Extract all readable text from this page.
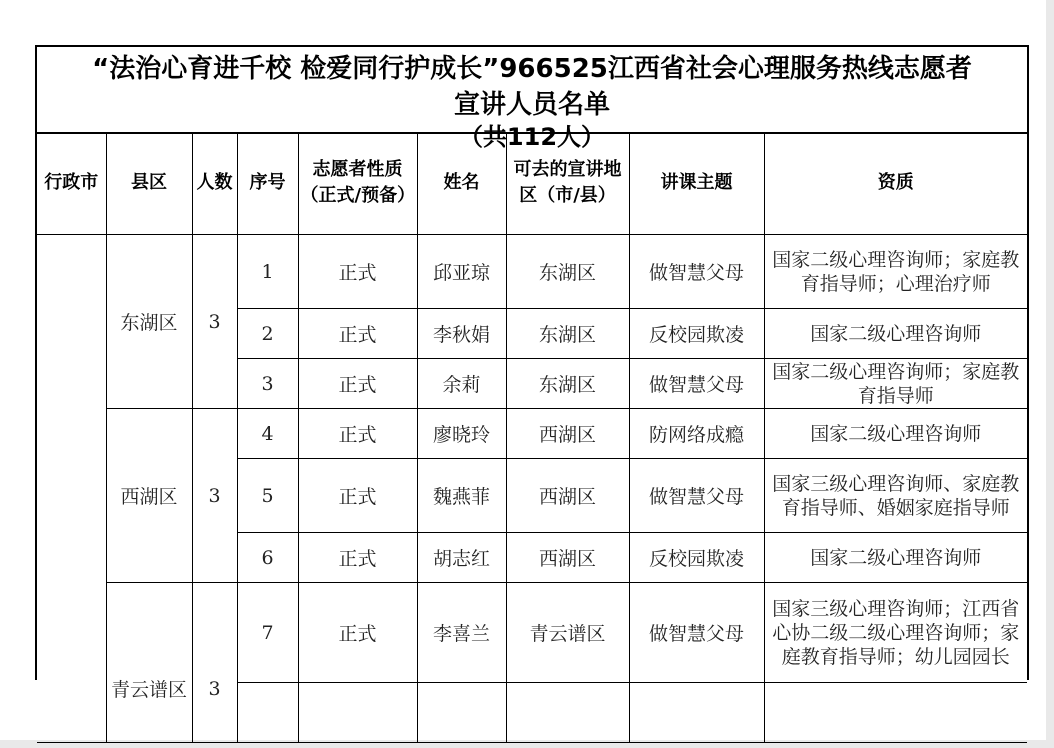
“法治心育进千校 检爱同行护成长”966525江西省社会心理服务热线志愿者
宣讲人员名单
（共112人）
行政市	县区	人数	序号	志愿者性质（正式/预备）	姓名	可去的宣讲地区（市/县）	讲课主题	资质
	东湖区	3	1	正式	邱亚琼	东湖区	做智慧父母	国家二级心理咨询师；家庭教育指导师；心理治疗师
			2	正式	李秋娟	东湖区	反校园欺凌	国家二级心理咨询师
			3	正式	余莉	东湖区	做智慧父母	国家二级心理咨询师；家庭教育指导师
	西湖区	3	4	正式	廖晓玲	西湖区	防网络成瘾	国家二级心理咨询师
			5	正式	魏燕菲	西湖区	做智慧父母	国家三级心理咨询师、家庭教育指导师、婚姻家庭指导师
			6	正式	胡志红	西湖区	反校园欺凌	国家二级心理咨询师
	青云谱区	3	7	正式	李喜兰	青云谱区	做智慧父母	国家三级心理咨询师；江西省心协二级二级心理咨询师；家庭教育指导师；幼儿园园长
